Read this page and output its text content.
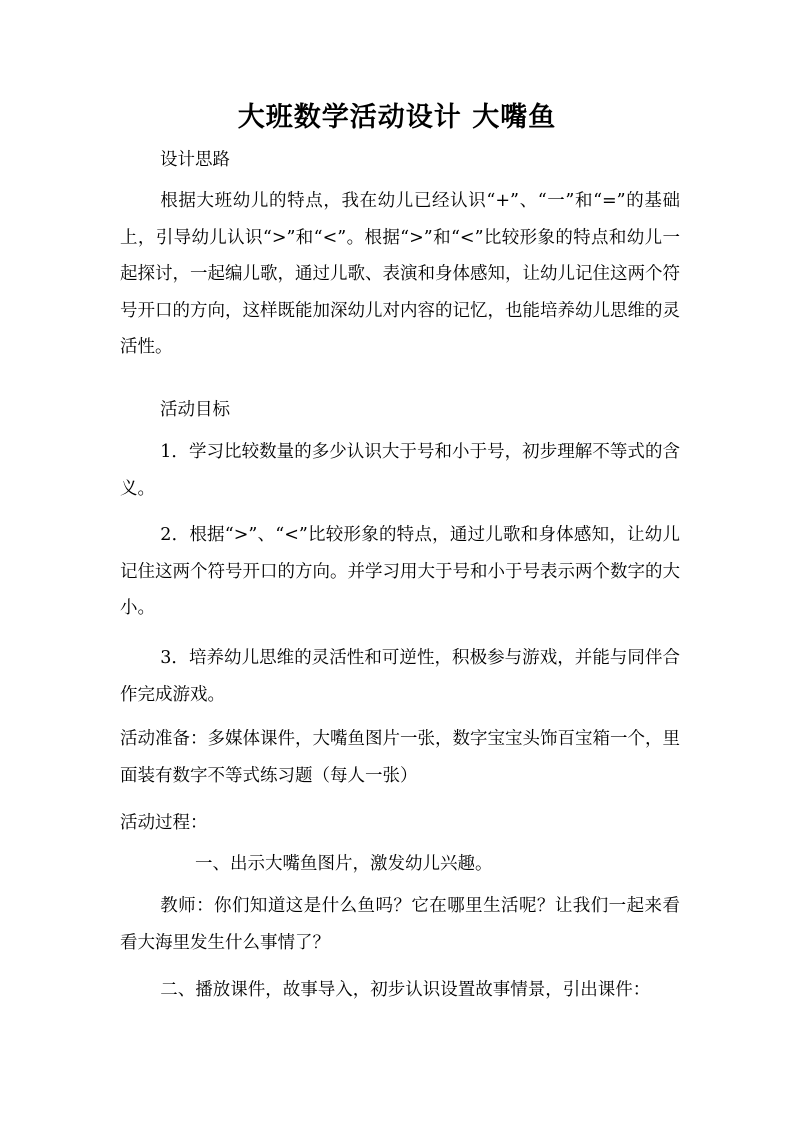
大班数学活动设计 大嘴鱼
设计思路

根据大班幼儿的特点，我在幼儿已经认识“+”、“一”和“=”的基础上，引导幼儿认识“>”和“<”。根据“>”和“<”比较形象的特点和幼儿一起探讨，一起编儿歌，通过儿歌、表演和身体感知，让幼儿记住这两个符号开口的方向，这样既能加深幼儿对内容的记忆，也能培养幼儿思维的灵活性。

活动目标

1．学习比较数量的多少认识大于号和小于号，初步理解不等式的含义。

2．根据“>”、“<”比较形象的特点，通过儿歌和身体感知，让幼儿记住这两个符号开口的方向。并学习用大于号和小于号表示两个数字的大小。

3．培养幼儿思维的灵活性和可逆性，积极参与游戏，并能与同伴合作完成游戏。

活动准备：多媒体课件，大嘴鱼图片一张，数字宝宝头饰百宝箱一个，里面装有数字不等式练习题（每人一张）

活动过程：
一、出示大嘴鱼图片，激发幼儿兴趣。

教师：你们知道这是什么鱼吗？它在哪里生活呢？让我们一起来看看大海里发生什么事情了？

二、播放课件，故事导入，初步认识设置故事情景，引出课件：
